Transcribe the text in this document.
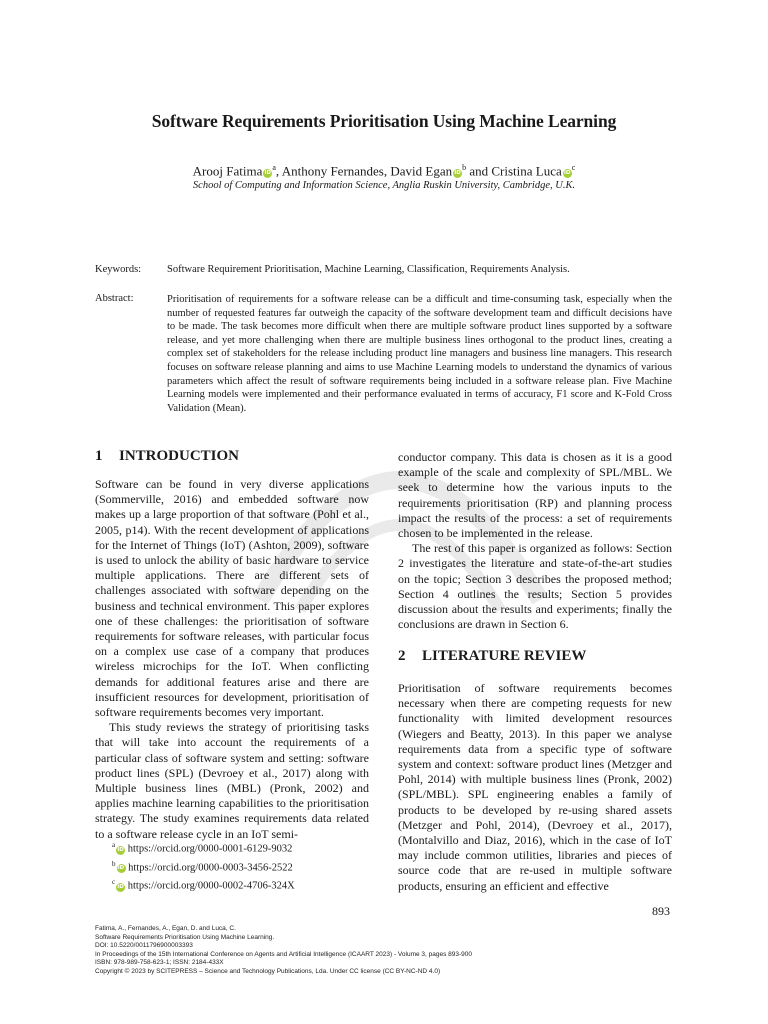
Software Requirements Prioritisation Using Machine Learning
Arooj Fatima $iD^a$, Anthony Fernandes, David Egan $iD^b$ and Cristina Luca $iD^c$
School of Computing and Information Science, Anglia Ruskin University, Cambridge, U.K.
Keywords: Software Requirement Prioritisation, Machine Learning, Classification, Requirements Analysis.
Abstract:	Prioritisation of requirements for a software release can be a difficult and time-consuming task, especially when the number of requested features far outweigh the capacity of the software development team and difficult decisions have to be made. The task becomes more difficult when there are multiple software product lines supported by a software release, and yet more challenging when there are multiple business lines orthogonal to the product lines, creating a complex set of stakeholders for the release including product line managers and business line managers. This research focuses on software release planning and aims to use Machine Learning models to understand the dynamics of various parameters which affect the result of software requirements being included in a software release plan. Five Machine Learning models were implemented and their performance evaluated in terms of accuracy, F1 score and K-Fold Cross Validation (Mean).
1 INTRODUCTION

Software can be found in very diverse applications (Sommerville, 2016) and embedded software now makes up a large proportion of that software (Pohl et al., 2005, p14). With the recent development of applications for the Internet of Things (IoT) (Ashton, 2009), software is used to unlock the ability of basic hardware to service multiple applications. There are different sets of challenges associated with software depending on the business and technical environment. This paper explores one of these challenges: the prioritisation of software requirements for software releases, with particular focus on a complex use case of a company that produces wireless microchips for the IoT. When conflicting demands for additional features arise and there are insufficient resources for development, prioritisation of software requirements becomes very important.

This study reviews the strategy of prioritising tasks that will take into account the requirements of a particular class of software system and setting: software product lines (SPL) (Devroey et al., 2017) along with Multiple business lines (MBL) (Pronk, 2002) and applies machine learning capabilities to the prioritisation strategy. The study examines requirements data related to a software release cycle in an IoT semi-

conductor company. This data is chosen as it is a good example of the scale and complexity of SPL/MBL. We seek to determine how the various inputs to the requirements prioritisation (RP) and planning process impact the results of the process: a set of requirements chosen to be implemented in the release.

The rest of this paper is organized as follows: Section 2 investigates the literature and state-of-the-art studies on the topic; Section 3 describes the proposed method; Section 4 outlines the results; Section 5 provides discussion about the results and experiments; finally the conclusions are drawn in Section 6.

2 LITERATURE REVIEW

Prioritisation of software requirements becomes necessary when there are competing requests for new functionality with limited development resources (Wiegers and Beatty, 2013). In this paper we analyse requirements data from a specific type of software system and context: software product lines (Metzger and Pohl, 2014) with multiple business lines (Pronk, 2002)(SPL/MBL). SPL engineering enables a family of products to be developed by re-using shared assets (Metzger and Pohl, 2014), (Devroey et al., 2017), (Montalvillo and Diaz, 2016), which in the case of IoT may include common utilities, libraries and pieces of source code that are re-used in multiple software products, ensuring an efficient and effective

$^a$iD https://orcid.org/0000-0001-6129-9032
$^b$iD https://orcid.org/0000-0003-3456-2522
$^c$iD https://orcid.org/0000-0002-4706-324X
893
Fatima, A., Fernandes, A., Egan, D. and Luca, C.
Software Requirements Prioritisation Using Machine Learning.
DOI: 10.5220/0011796900003393
In Proceedings of the 15th International Conference on Agents and Artificial Intelligence (ICAART 2023) - Volume 3, pages 893-900
ISBN: 978-989-758-623-1; ISSN: 2184-433X
Copyright © 2023 by SCITEPRESS – Science and Technology Publications, Lda. Under CC license (CC BY-NC-ND 4.0)
